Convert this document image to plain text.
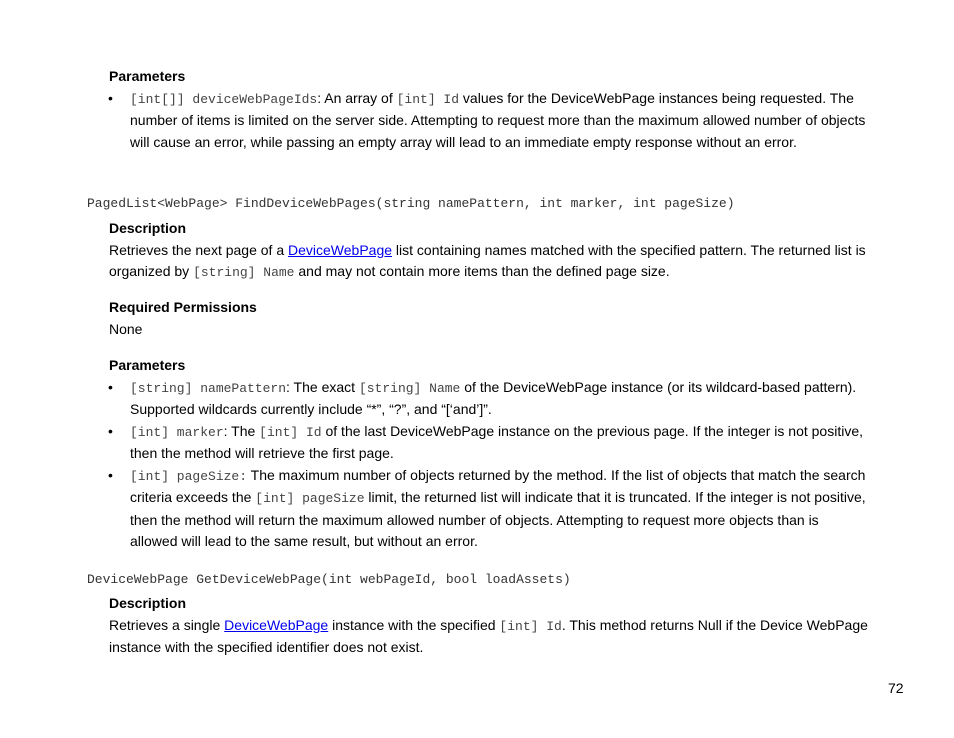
Parameters
• [int[]] deviceWebPageIds: An array of [int] Id values for the DeviceWebPage instances being requested. The number of items is limited on the server side. Attempting to request more than the maximum allowed number of objects will cause an error, while passing an empty array will lead to an immediate empty response without an error.
PagedList<WebPage> FindDeviceWebPages(string namePattern, int marker, int pageSize)
Description
Retrieves the next page of a DeviceWebPage list containing names matched with the specified pattern. The returned list is organized by [string] Name and may not contain more items than the defined page size.
Required Permissions
None
Parameters
• [string] namePattern: The exact [string] Name of the DeviceWebPage instance (or its wildcard-based pattern). Supported wildcards currently include “*”, “?”, and “[‘and’]”.
• [int] marker: The [int] Id of the last DeviceWebPage instance on the previous page. If the integer is not positive, then the method will retrieve the first page.
• [int] pageSize: The maximum number of objects returned by the method. If the list of objects that match the search criteria exceeds the [int] pageSize limit, the returned list will indicate that it is truncated. If the integer is not positive, then the method will return the maximum allowed number of objects. Attempting to request more objects than is allowed will lead to the same result, but without an error.
DeviceWebPage GetDeviceWebPage(int webPageId, bool loadAssets)
Description
Retrieves a single DeviceWebPage instance with the specified [int] Id. This method returns Null if the Device WebPage instance with the specified identifier does not exist.
72
